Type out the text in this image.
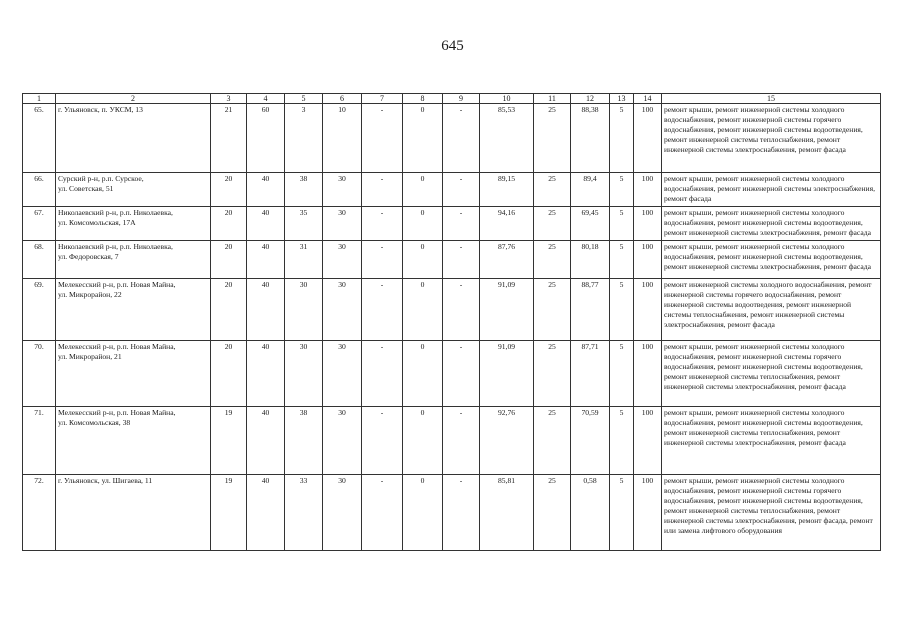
645
1	2	3	4	5	6	7	8	9	10	11	12	13	14	15
65.	г. Ульяновск, п. УКСМ, 13	21	60	3	10	-	0	-	85,53	25	88,38	5	100	ремонт крыши, ремонт инженерной системы холодного водоснабжения, ремонт инженерной системы горячего водоснабжения, ремонт инженерной системы водоотведения, ремонт инженерной системы теплоснабжения, ремонт инженерной системы электроснабжения, ремонт фасада
66.	Сурский р-н, р.п. Сурское,
ул. Советская, 51	20	40	38	30	-	0	-	89,15	25	89,4	5	100	ремонт крыши, ремонт инженерной системы холодного водоснабжения, ремонт инженерной системы электроснабжения, ремонт фасада
67.	Николаевский р-н, р.п. Николаевка,
ул. Комсомольская, 17А	20	40	35	30	-	0	-	94,16	25	69,45	5	100	ремонт крыши, ремонт инженерной системы холодного водоснабжения, ремонт инженерной системы водоотведения, ремонт инженерной системы электроснабжения, ремонт фасада
68.	Николаевский р-н, р.п. Николаевка,
ул. Федоровская, 7	20	40	31	30	-	0	-	87,76	25	80,18	5	100	ремонт крыши, ремонт инженерной системы холодного водоснабжения, ремонт инженерной системы водоотведения, ремонт инженерной системы электроснабжения, ремонт фасада
69.	Мелекесский р-н, р.п. Новая Майна,
ул. Микрорайон, 22	20	40	30	30	-	0	-	91,09	25	88,77	5	100	ремонт инженерной системы холодного водоснабжения, ремонт инженерной системы горячего водоснабжения, ремонт инженерной системы водоотведения, ремонт инженерной системы теплоснабжения, ремонт инженерной системы электроснабжения, ремонт фасада
70.	Мелекесский р-н, р.п. Новая Майна,
ул. Микрорайон, 21	20	40	30	30	-	0	-	91,09	25	87,71	5	100	ремонт крыши, ремонт инженерной системы холодного водоснабжения, ремонт инженерной системы горячего водоснабжения, ремонт инженерной системы водоотведения, ремонт инженерной системы теплоснабжения, ремонт инженерной системы электроснабжения, ремонт фасада
71.	Мелекесский р-н, р.п. Новая Майна,
ул. Комсомольская, 38	19	40	38	30	-	0	-	92,76	25	70,59	5	100	ремонт крыши, ремонт инженерной системы холодного водоснабжения, ремонт инженерной системы водоотведения, ремонт инженерной системы теплоснабжения, ремонт инженерной системы электроснабжения, ремонт фасада
72.	г. Ульяновск, ул. Шигаева, 11	19	40	33	30	-	0	-	85,81	25	0,58	5	100	ремонт крыши, ремонт инженерной системы холодного водоснабжения, ремонт инженерной системы горячего водоснабжения, ремонт инженерной системы водоотведения, ремонт инженерной системы теплоснабжения, ремонт инженерной системы электроснабжения, ремонт фасада, ремонт или замена лифтового оборудования
